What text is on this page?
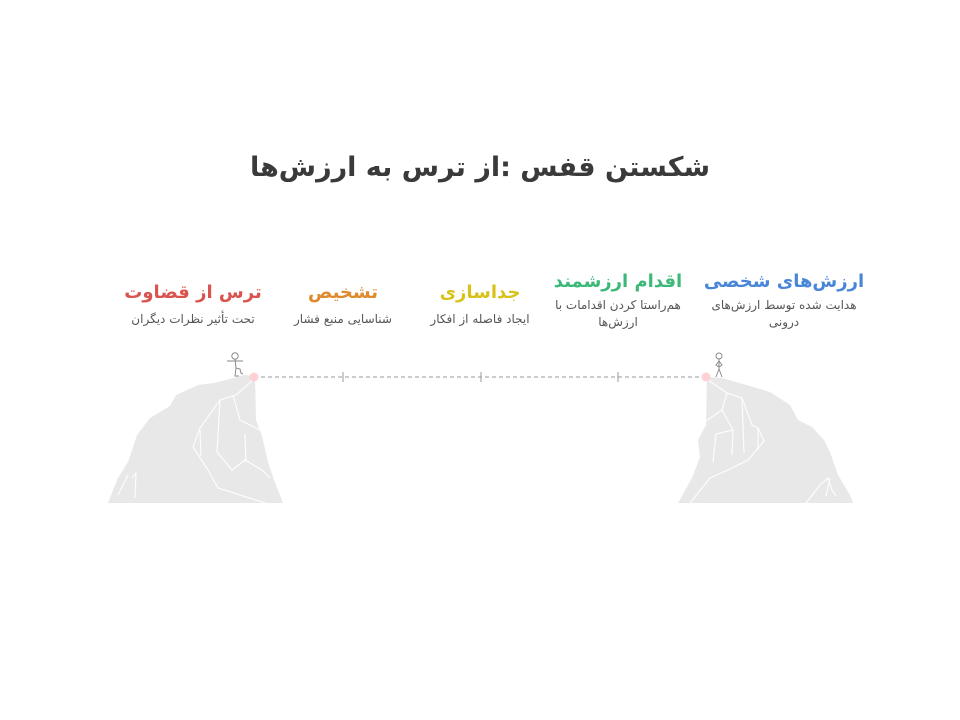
شکستن قفس :از ترس به ارزش‌ها
ترس از قضاوت
تحت تأثیر نظرات دیگران
تشخیص
شناسایی منبع فشار
جداسازی
ایجاد فاصله از افکار
اقدام ارزشمند
هم‌راستا کردن اقدامات با ارزش‌ها
ارزش‌های شخصی
هدایت شده توسط ارزش‌های درونی
